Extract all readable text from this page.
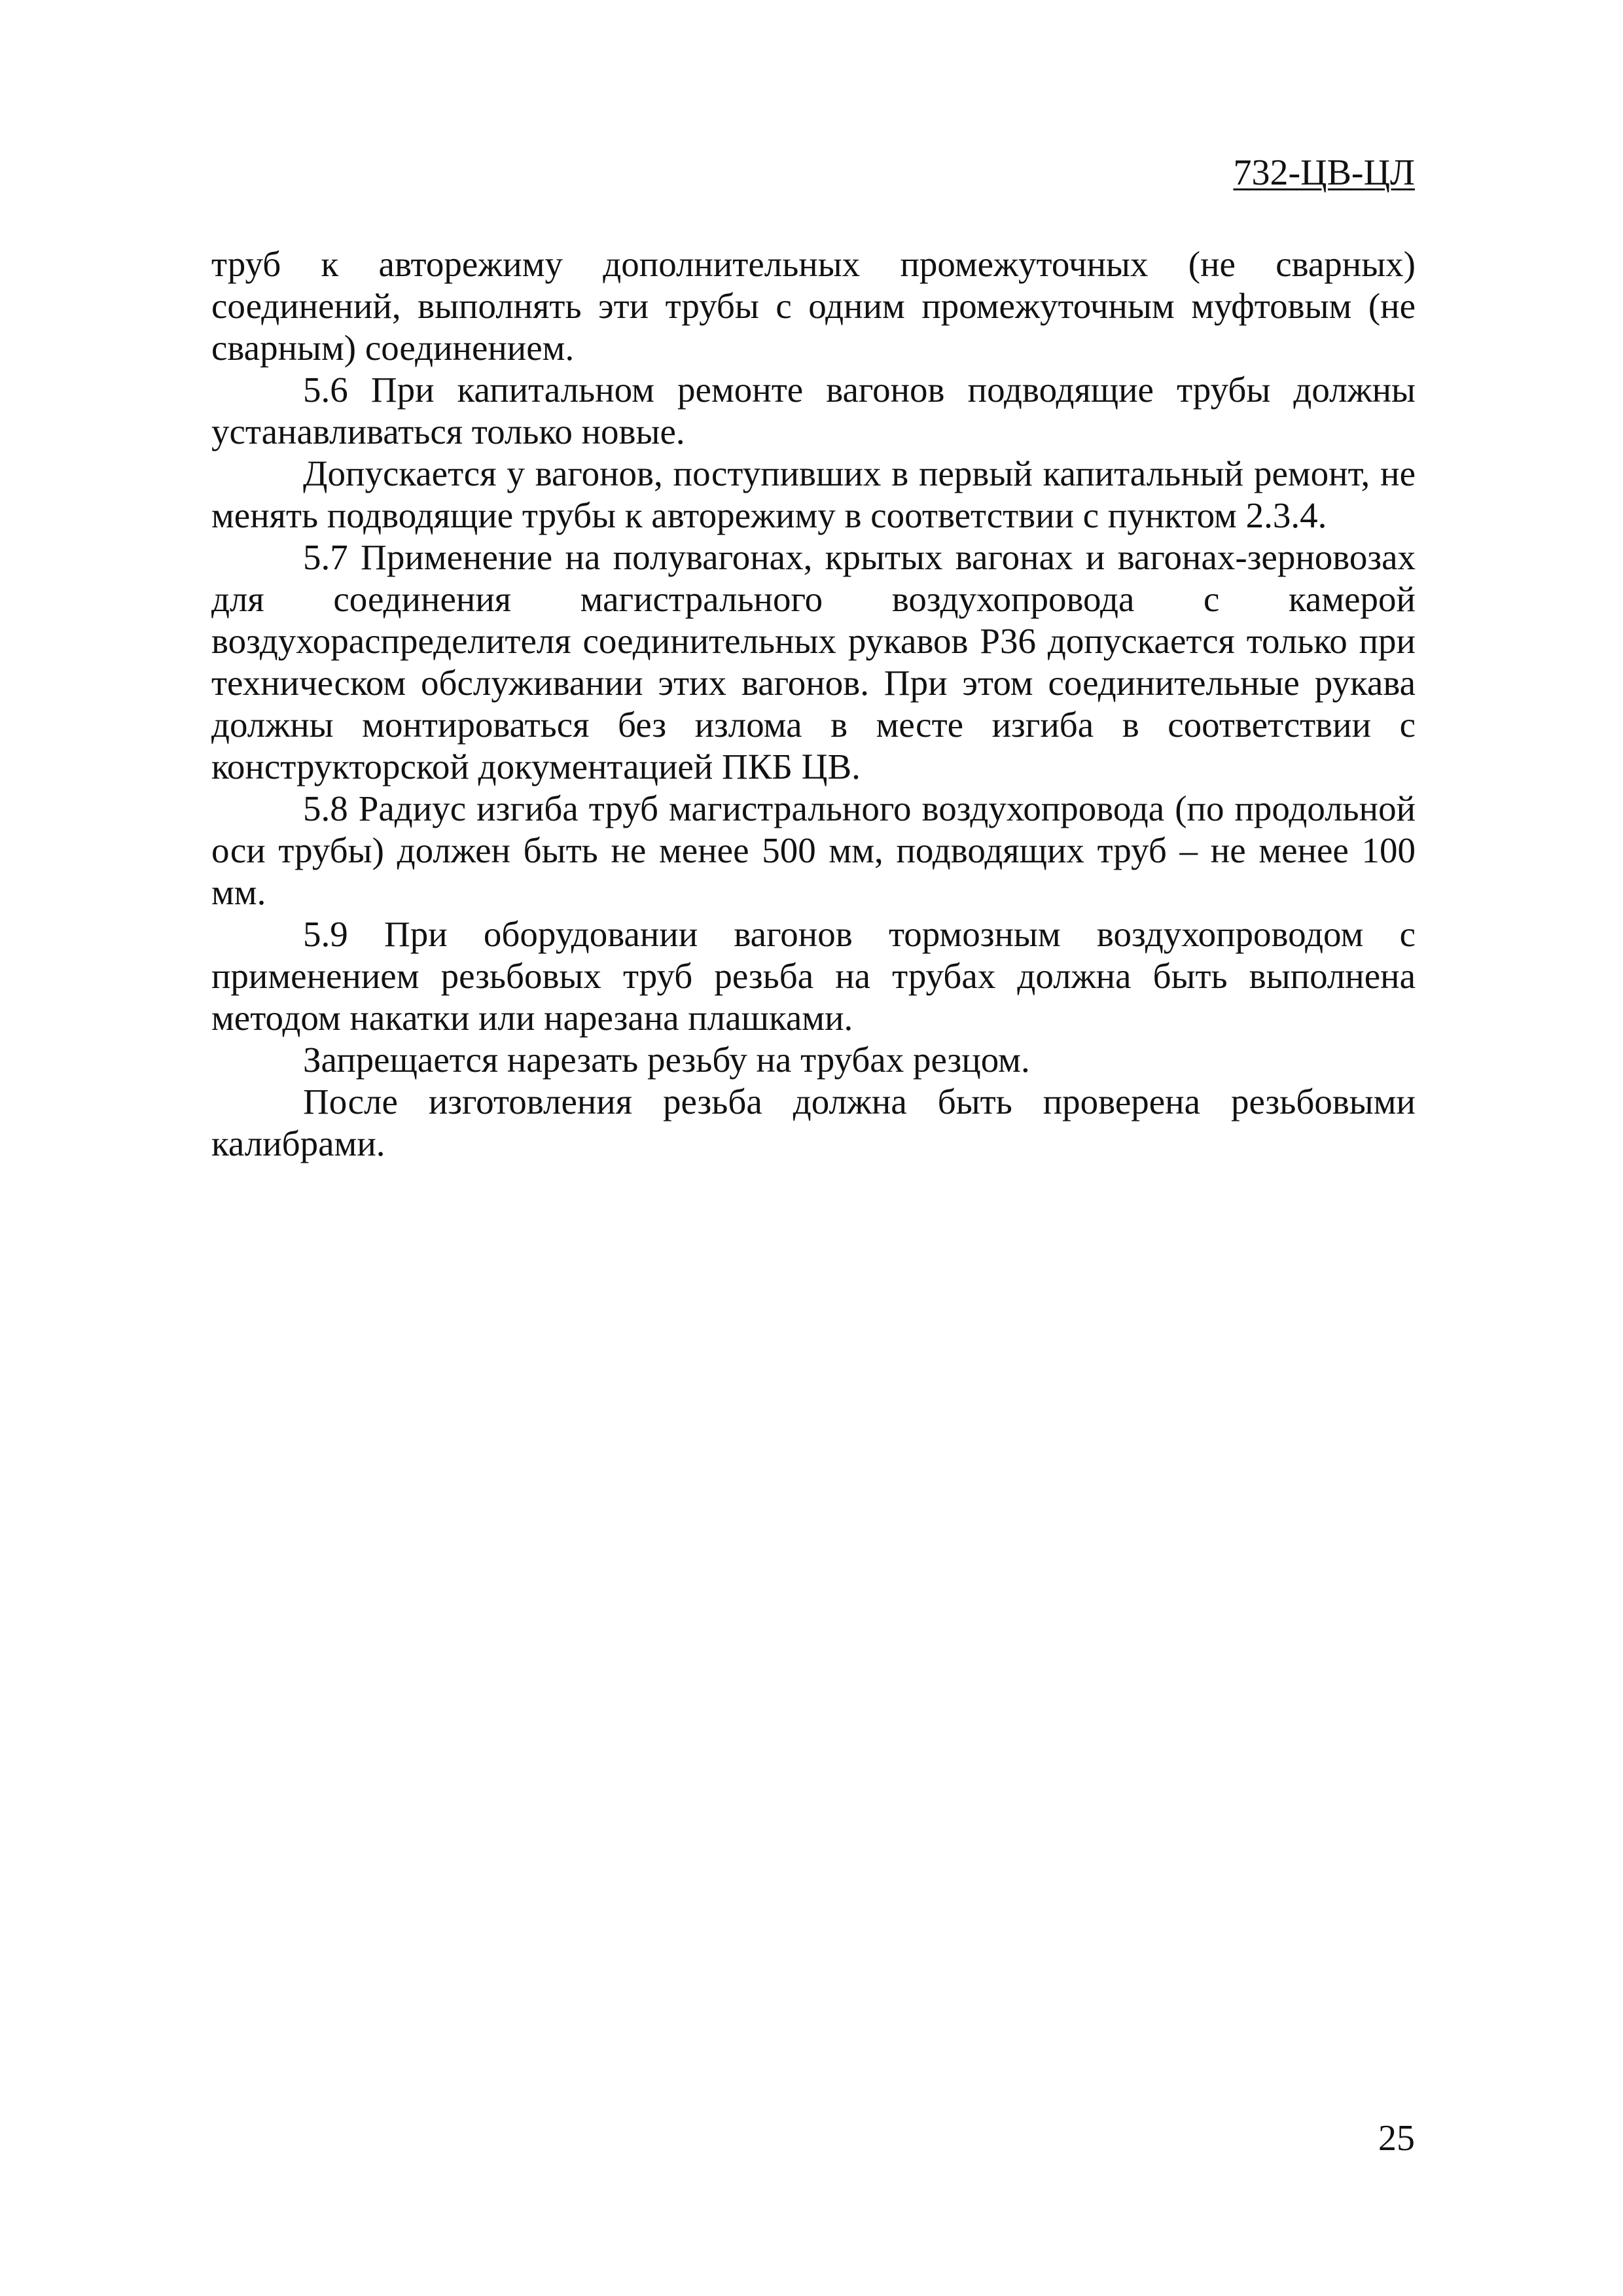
732-ЦВ-ЦЛ

труб к авторежиму дополнительных промежуточных (не сварных) соединений, выполнять эти трубы с одним промежуточным муфтовым (не сварным) соединением.

5.6 При капитальном ремонте вагонов подводящие трубы должны устанавливаться только новые.

Допускается у вагонов, поступивших в первый капитальный ремонт, не менять подводящие трубы к авторежиму в соответствии с пунктом 2.3.4.

5.7 Применение на полувагонах, крытых вагонах и вагонах-зерновозах для соединения магистрального воздухопровода с камерой воздухораспределителя соединительных рукавов Р36 допускается только при техническом обслуживании этих вагонов. При этом соединительные рукава должны монтироваться без излома в месте изгиба в соответствии с конструкторской документацией ПКБ ЦВ.

5.8 Радиус изгиба труб магистрального воздухопровода (по продольной оси трубы) должен быть не менее 500 мм, подводящих труб – не менее 100 мм.

5.9 При оборудовании вагонов тормозным воздухопроводом с применением резьбовых труб резьба на трубах должна быть выполнена методом накатки или нарезана плашками.

Запрещается нарезать резьбу на трубах резцом.

После изготовления резьба должна быть проверена резьбовыми калибрами.

25
